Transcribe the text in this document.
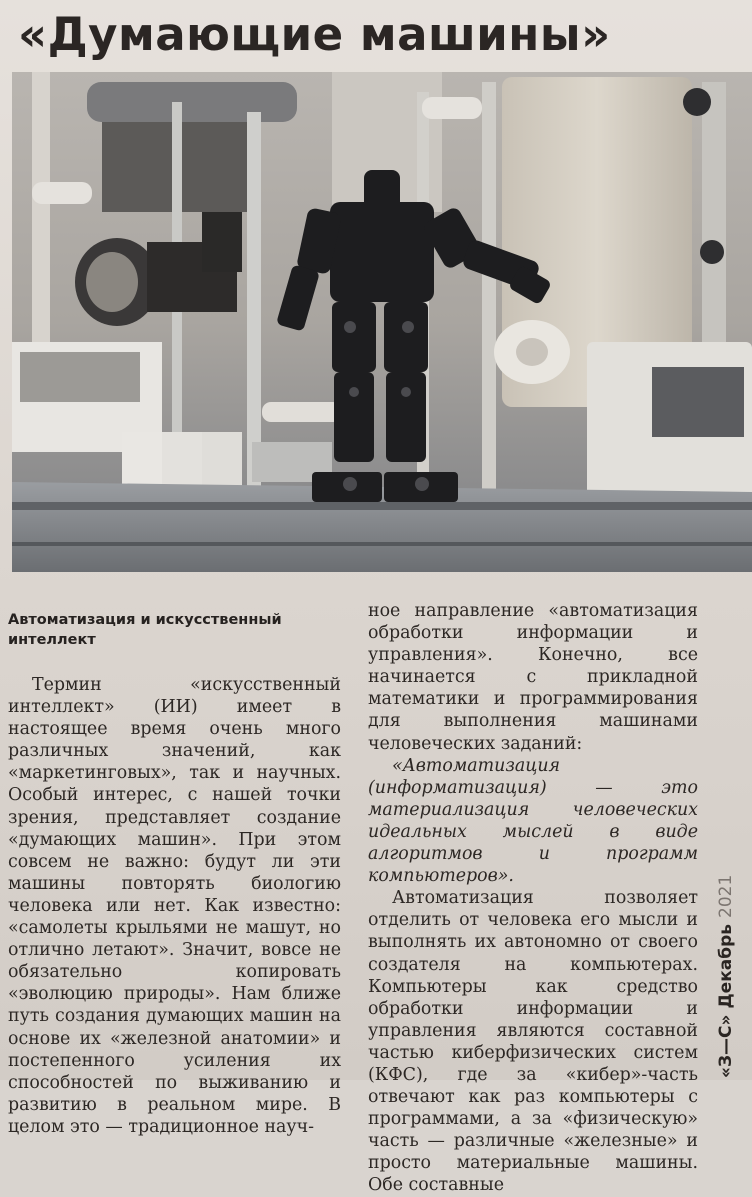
«Думающие машины»
Автоматизация и искусственный интеллект

Термин «искусственный интеллект» (ИИ) имеет в настоящее время очень много различных значений, как «маркетинговых», так и научных. Особый интерес, с нашей точки зрения, представляет создание «думающих машин». При этом совсем не важно: будут ли эти машины повторять биологию человека или нет. Как известно: «самолеты крыльями не машут, но отлично летают». Значит, вовсе не обязательно копировать «эволюцию природы». Нам ближе путь создания думающих машин на основе их «железной анатомии» и постепенного усиления их способностей по выживанию и развитию в реальном мире. В целом это — традиционное науч-

ное направление «автоматизация обработки информации и управления». Конечно, все начинается с прикладной математики и программирования для выполнения машинами человеческих заданий:

«Автоматизация (информатизация) — это материализация человеческих идеальных мыслей в виде алгоритмов и программ компьютеров».

Автоматизация позволяет отделить от человека его мысли и выполнять их автономно от своего создателя на компьютерах. Компьютеры как средство обработки информации и управления являются составной частью киберфизических систем (КФС), где за «кибер»-часть отвечают как раз компьютеры с программами, а за «физическую» часть — различные «железные» и просто материальные машины. Обе составные

«З—С»Декабрь2021
